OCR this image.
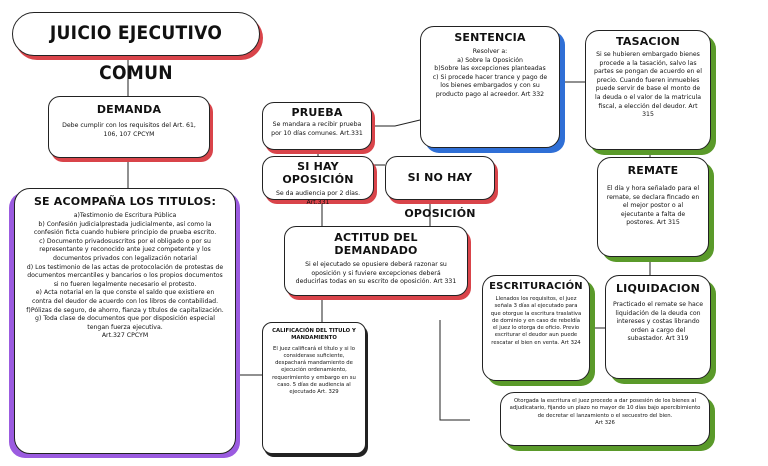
JUICIO EJECUTIVO COMUN
DEMANDA
Debe cumplir con los requisitos del Art. 61, 106, 107 CPCYM
SE ACOMPAÑA LOS TITULOS:
a)Testimonio de Escritura Pública
b) Confesión judicialprestada judicialmente, así como la confesión ficta cuando hubiere principio de prueba escrito.
c) Documento privadosuscritos por el obligado o por su representante y reconocido ante juez competente y los documentos privados con legalización notarial
d) Los testimonio de las actas de protocolación de protestas de documentos mercantiles y bancarios o los propios documentos si no fueren legalmente necesario el protesto.
e) Acta notarial en la que conste el saldo que existiere en contra del deudor de acuerdo con los libros de contabilidad.
f)Pólizas de seguro, de ahorro, fianza y títulos de capitalización.
g) Toda clase de documentos que por disposición especial tengan fuerza ejecutiva.
Art.327 CPCYM
PRUEBA
Se mandara a recibir prueba por 10 días comunes. Art.331
SI HAY OPOSICIÓN
Se da audiencia por 2 días. Art.331
SI NO HAY OPOSICIÓN
SENTENCIA
Resolver a:
a) Sobre la Oposición
b)Sobre las excepciones planteadas
c) Si procede hacer trance y pago de los bienes embargados y con su producto pago al acreedor. Art 332
ACTITUD DEL DEMANDADO
Si el ejecutado se opusiere deberá razonar su oposición y si fuviere excepciones deberá deducirlas todas en su escrito de oposición. Art 331
CALIFICACIÓN DEL TITULO Y MANDAMIENTO
El juez calificará el título y si lo considerase suficiente, despachará mandamiento de ejecución ordenamiento, requerimiento y embargo en su caso. 5 días de audiencia al ejecutado Art. 329
TASACION
Si se hubieren embargado bienes procede a la tasación, salvo las partes se pongan de acuerdo en el precio. Cuando fueren inmuebles puede servir de base el monto de la deuda o el valor de la matricula fiscal, a elección del deudor. Art 315
REMATE
El día y hora señalado para el remate, se declara fincado en el mejor postor o al ejecutante a falta de postores. Art 315
ESCRITURACIÓN
Llenados los requisitos, el juez señala 3 días al ejecutado para que otorgue la escritura traslativa de dominio y en caso de rebeldía el juez lo otorga de oficio. Previo escriturar el deudor aun puede rescatar el bien en venta. Art 324
LIQUIDACION
Practicado el remate se hace liquidación de la deuda con intereses y costas librando orden a cargo del subastador. Art 319
Otorgada la escritura el juez procede a dar posesión de los bienes al adjudicatario, fijando un plazo no mayor de 10 días bajo apercibimiento de decretar el lanzamiento o el secuestro del bien.
Art 326
